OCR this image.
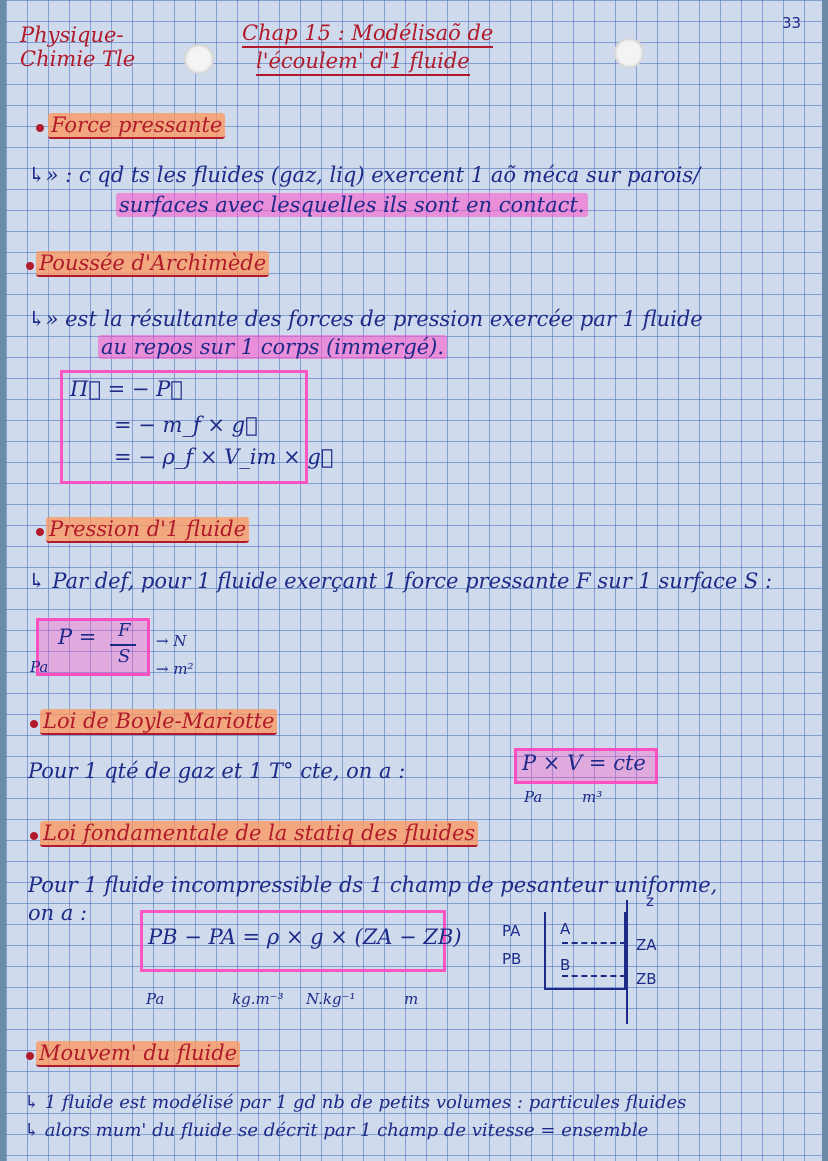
Physique-
Chimie Tle
Chap 15 : Modélisaõ de
l'écoulem' d'1 fluide
33
Force pressante
↳» : c qd ts les fluides (gaz, liq) exercent 1 aõ méca sur parois/
surfaces avec lesquelles ils sont en contact.
Poussée d'Archimède
↳» est la résultante des forces de pression exercée par 1 fluide
au repos sur 1 corps (immergé).
Π⃗ = − P⃗
= − m_f × g⃗
= − ρ_f × V_im × g⃗
Pression d'1 fluide
↳ Par def, pour 1 fluide exerçant 1 force pressante F sur 1 surface S :
P = F
S
Pa
→ N
→ m²
Loi de Boyle-Mariotte
Pour 1 qté de gaz et 1 T° cte, on a :	P × V = cte
Pa	m³
Loi fondamentale de la statiq des fluides
Pour 1 fluide incompressible ds 1 champ de pesanteur uniforme,
on a :
PB − PA = ρ × g × (ZA − ZB)
Pa	kg.m⁻³ N.kg⁻¹	m
PA
PB
A
B
z
ZA
ZB
Mouvem' du fluide
↳ 1 fluide est modélisé par 1 gd nb de petits volumes : particules fluides
↳ alors mum' du fluide se décrit par 1 champ de vitesse = ensemble
